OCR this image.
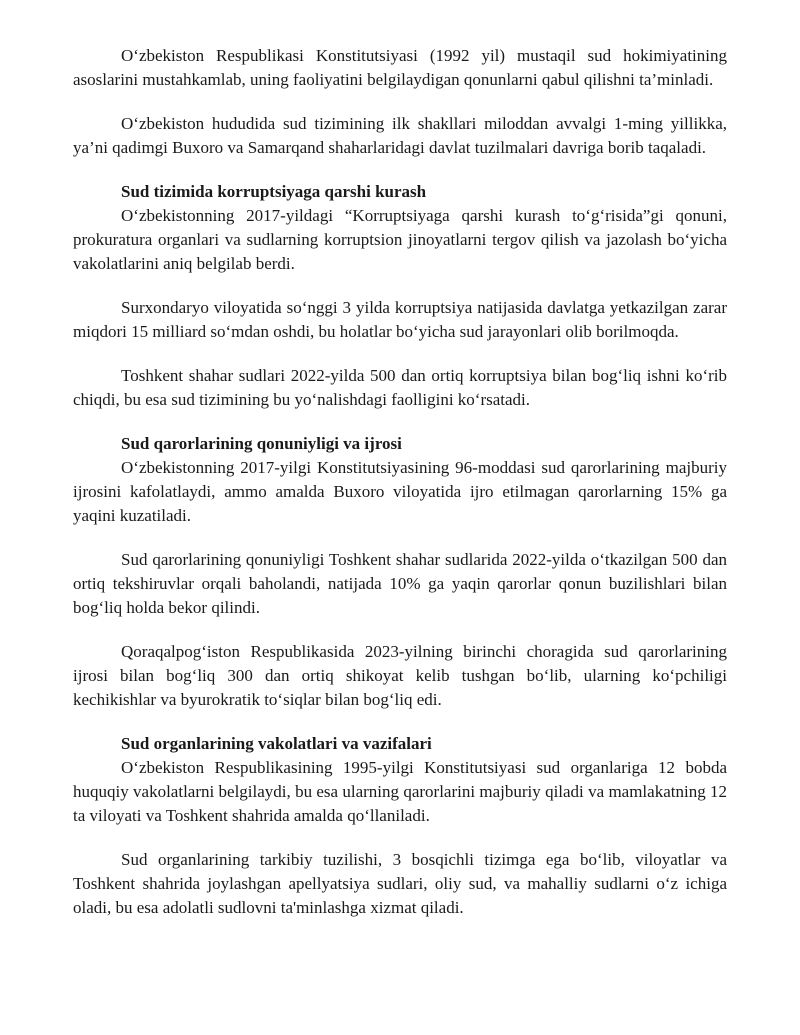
O‘zbekiston Respublikasi Konstitutsiyasi (1992 yil) mustaqil sud hokimiyatining asoslarini mustahkamlab, uning faoliyatini belgilaydigan qonunlarni qabul qilishni ta’minladi.

O‘zbekiston hududida sud tizimining ilk shakllari miloddan avvalgi 1-ming yillikka, ya’ni qadimgi Buxoro va Samarqand shaharlaridagi davlat tuzilmalari davriga borib taqaladi.

Sud tizimida korruptsiyaga qarshi kurash

O‘zbekistonning 2017-yildagi “Korruptsiyaga qarshi kurash to‘g‘risida”gi qonuni, prokuratura organlari va sudlarning korruptsion jinoyatlarni tergov qilish va jazolash bo‘yicha vakolatlarini aniq belgilab berdi.

Surxondaryo viloyatida so‘nggi 3 yilda korruptsiya natijasida davlatga yetkazilgan zarar miqdori 15 milliard so‘mdan oshdi, bu holatlar bo‘yicha sud jarayonlari olib borilmoqda.

Toshkent shahar sudlari 2022-yilda 500 dan ortiq korruptsiya bilan bog‘liq ishni ko‘rib chiqdi, bu esa sud tizimining bu yo‘nalishdagi faolligini ko‘rsatadi.

Sud qarorlarining qonuniyligi va ijrosi

O‘zbekistonning 2017-yilgi Konstitutsiyasining 96-moddasi sud qarorlarining majburiy ijrosini kafolatlaydi, ammo amalda Buxoro viloyatida ijro etilmagan qarorlarning 15% ga yaqini kuzatiladi.

Sud qarorlarining qonuniyligi Toshkent shahar sudlarida 2022-yilda o‘tkazilgan 500 dan ortiq tekshiruvlar orqali baholandi, natijada 10% ga yaqin qarorlar qonun buzilishlari bilan bog‘liq holda bekor qilindi.

Qoraqalpog‘iston Respublikasida 2023-yilning birinchi choragida sud qarorlarining ijrosi bilan bog‘liq 300 dan ortiq shikoyat kelib tushgan bo‘lib, ularning ko‘pchiligi kechikishlar va byurokratik to‘siqlar bilan bog‘liq edi.

Sud organlarining vakolatlari va vazifalari

O‘zbekiston Respublikasining 1995-yilgi Konstitutsiyasi sud organlariga 12 bobda huquqiy vakolatlarni belgilaydi, bu esa ularning qarorlarini majburiy qiladi va mamlakatning 12 ta viloyati va Toshkent shahrida amalda qo‘llaniladi.

Sud organlarining tarkibiy tuzilishi, 3 bosqichli tizimga ega bo‘lib, viloyatlar va Toshkent shahrida joylashgan apellyatsiya sudlari, oliy sud, va mahalliy sudlarni o‘z ichiga oladi, bu esa adolatli sudlovni ta'minlashga xizmat qiladi.
